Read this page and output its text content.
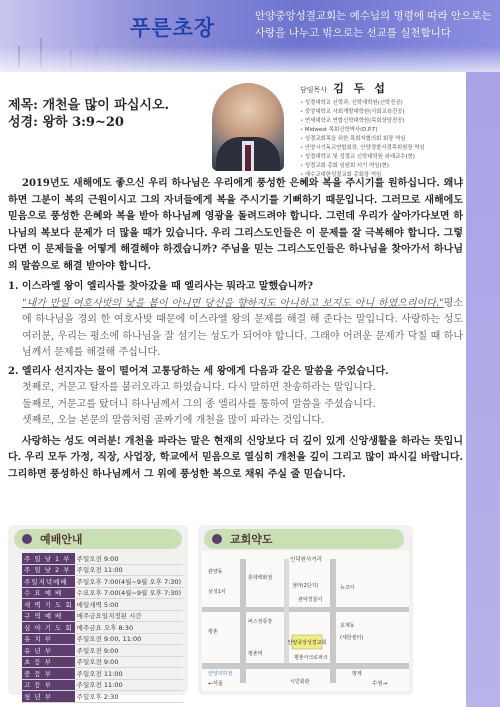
푸른초장	안양중앙성결교회는 예수님의 명령에 따라 안으로는
사랑을 나누고 밖으로는 선교를 실천합니다
제목: 개천을 많이 파십시오.
성경: 왕하 3:9~20
담임목사 김 두 섭
• 성결대학교 신학과, 신학대학원(신학전공)
• 중앙대학교 사회개발대학원(사회교육전공)
• 연세대학교 연합신학대학원(목회상담전공)
• Midwest 목회신학박사(D.P.T)
• 성결교회목을 위한 목회자협의회 회장 역임
• 안양시기독교연합회장, 안양경찰서경목위원장 역임
• 성결대학교 및 성결교 신학대학원 외래교수(현)
• 성결교회 총회 임원회 서기 역임(현)
• 예수교대한성결교회 총회장 역임

2019년도 새해에도 좋으신 우리 하나님은 우리에게 풍성한 은혜와 복을 주시기를 원하십니다. 왜냐하면 그분이 복의 근원이시고 그의 자녀들에게 복을 주시기를 기뻐하기 때문입니다. 그러므로 새해에도 믿음으로 풍성한 은혜와 복을 받아 하나님께 영광을 돌려드려야 합니다. 그런데 우리가 살아가다보면 하나님의 복보다 문제가 더 많을 때가 있습니다. 우리 그리스도인들은 이 문제를 잘 극복해야 합니다. 그렇다면 이 문제들을 어떻게 해결해야 하겠습니까? 주님을 믿는 그리스도인들은 하나님을 찾아가서 하나님의 말씀으로 해결 받아야 합니다.

1. 이스라엘 왕이 엘리사를 찾아갔을 때 엘리사는 뭐라고 말했습니까?

"내가 만일 여호사밧의 낯을 봄이 아니면 당신을 향하지도 아니하고 보지도 아니 하였으리이다."평소에 하나님을 경외 한 여호사밧 때문에 이스라엘 왕의 문제를 해결 해 준다는 말입니다. 사랑하는 성도 여러분, 우리는 평소에 하나님을 잘 섬기는 성도가 되어야 합니다. 그래야 어려운 문제가 닥칠 때 하나님께서 문제를 해결해 주십니다.

2. 엘리사 선지자는 물이 떨어져 고통당하는 세 왕에게 다음과 같은 말씀을 주었습니다.

첫째로, 거문고 탈자를 불러오라고 하였습니다. 다시 말하면 찬송하라는 말입니다.

둘째로, 거문고를 탔더니 하나님께서 그의 종 엘리사를 통하여 말씀을 주셨습니다.

셋째로, 오늘 본문의 말씀처럼 골짜기에 개천을 많이 파라는 것입니다.

사랑하는 성도 여러분! 개천을 파라는 말은 현재의 신앙보다 더 깊이 있게 신앙생활을 하라는 뜻입니다. 우리 모두 가정, 직장, 사업장, 학교에서 믿음으로 열심히 개천을 깊이 그리고 많이 파시길 바랍니다. 그리하면 풍성하신 하나님께서 그 위에 풍성한 복으로 채워 주실 줄 믿습니다.

예배안내
주 일 낮 1 부	주일오전 9:00
주 일 낮 2 부	주일오전 11:00
주일저녁예배	주일오후 7:00(4월~9월 오후 7:30)
수 요 예 배	수요오후 7:00(4월~9월 오후 7:30)
새 벽 기 도 회	매일새벽 5:00
구 역 예 배	매주금요일지정된 시간
심 야 기 도 회	매주금요 오후 8:30
유 치 부	주일오전 9:00, 11:00
유 년 부	주일오전 9:00
초 등 부	주일오전 9:00
중 등 부	주일오전 11:00
고 등 부	주일오전 11:00
청 년 부	주일오후 2:30
교회약도
안양중앙성결교회
인덕원사거리
관양동
롯데백화점
삼성1차
샘마(2단지)
관악경찰서
뉴코아
버스정류장
평촌
호계동
(세한센터)
평촌역
평촌아크로파크
안양지하철
←서울	수원→
시민회관
범계
